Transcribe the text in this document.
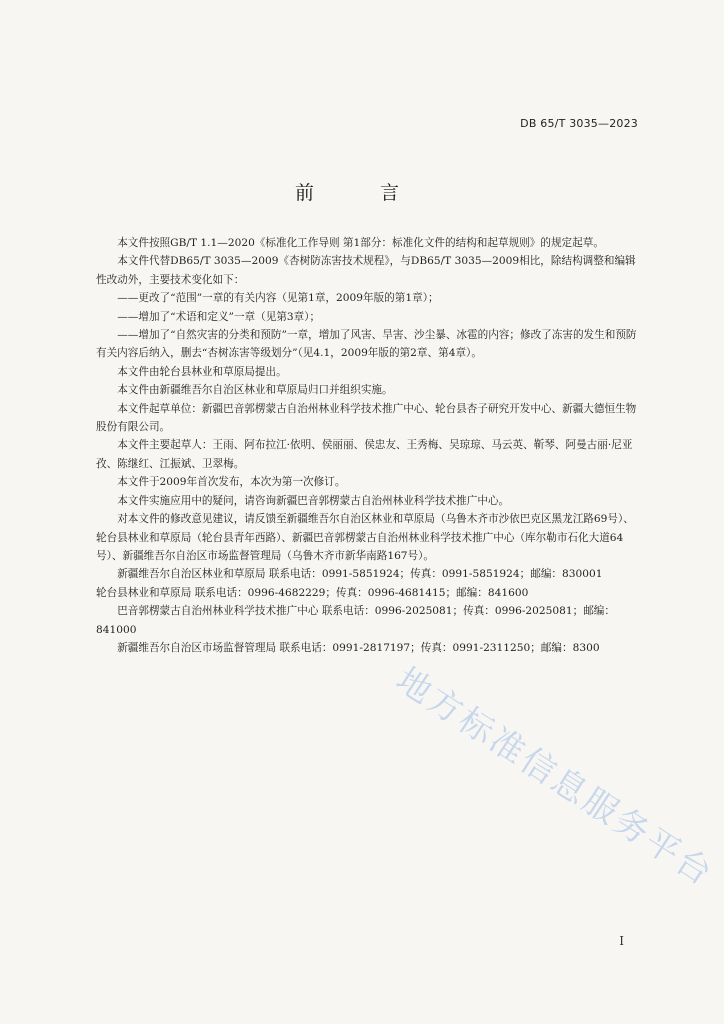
DB 65/T 3035—2023
前 言

本文件按照GB/T 1.1—2020《标准化工作导则 第1部分：标准化文件的结构和起草规则》的规定起草。

本文件代替DB65/T 3035—2009《杏树防冻害技术规程》，与DB65/T 3035—2009相比，除结构调整和编辑性改动外，主要技术变化如下：

——更改了“范围”一章的有关内容（见第1章，2009年版的第1章）；

——增加了“术语和定义”一章（见第3章）；

——增加了“自然灾害的分类和预防”一章，增加了风害、旱害、沙尘暴、冰雹的内容；修改了冻害的发生和预防有关内容后纳入，删去“杏树冻害等级划分”（见4.1，2009年版的第2章、第4章）。

本文件由轮台县林业和草原局提出。

本文件由新疆维吾尔自治区林业和草原局归口并组织实施。

本文件起草单位：新疆巴音郭楞蒙古自治州林业科学技术推广中心、轮台县杏子研究开发中心、新疆大德恒生物股份有限公司。

本文件主要起草人：王雨、阿布拉江·依明、侯丽丽、侯忠友、王秀梅、吴琼琼、马云英、靳琴、阿曼古丽·尼亚孜、陈继红、江振斌、卫翠梅。

本文件于2009年首次发布，本次为第一次修订。

本文件实施应用中的疑问，请咨询新疆巴音郭楞蒙古自治州林业科学技术推广中心。

对本文件的修改意见建议，请反馈至新疆维吾尔自治区林业和草原局（乌鲁木齐市沙依巴克区黑龙江路69号）、轮台县林业和草原局（轮台县青年西路）、新疆巴音郭楞蒙古自治州林业科学技术推广中心（库尔勒市石化大道64号）、新疆维吾尔自治区市场监督管理局（乌鲁木齐市新华南路167号）。

新疆维吾尔自治区林业和草原局 联系电话：0991-5851924；传真：0991-5851924；邮编：830001

轮台县林业和草原局 联系电话：0996-4682229；传真：0996-4681415；邮编：841600

巴音郭楞蒙古自治州林业科学技术推广中心 联系电话：0996-2025081；传真：0996-2025081；邮编：841000

新疆维吾尔自治区市场监督管理局 联系电话：0991-2817197；传真：0991-2311250；邮编：8300

地方标准信息服务平台
I
